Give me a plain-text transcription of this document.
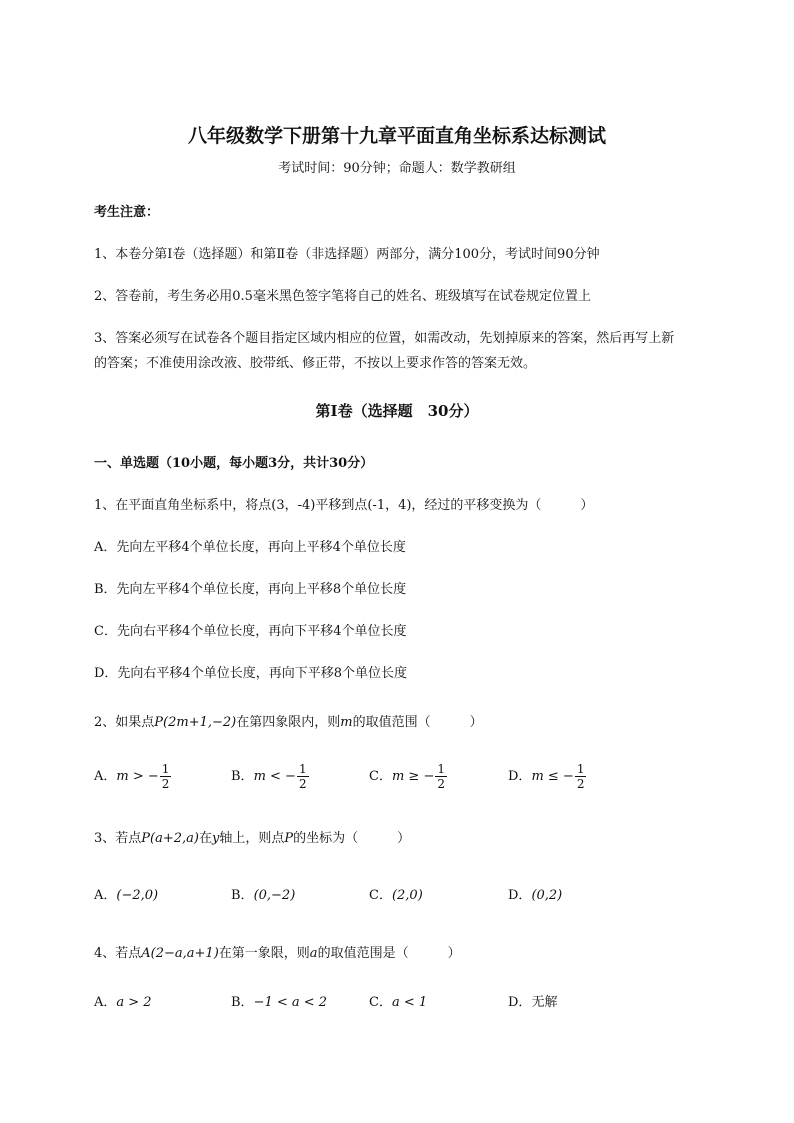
八年级数学下册第十九章平面直角坐标系达标测试
考试时间：90分钟；命题人：数学教研组
考生注意：
1、本卷分第Ⅰ卷（选择题）和第Ⅱ卷（非选择题）两部分，满分100分，考试时间90分钟
2、答卷前，考生务必用0.5毫米黑色签字笔将自己的姓名、班级填写在试卷规定位置上
3、答案必须写在试卷各个题目指定区域内相应的位置，如需改动，先划掉原来的答案，然后再写上新
的答案；不准使用涂改液、胶带纸、修正带，不按以上要求作答的答案无效。
第Ⅰ卷（选择题　30分）
一、单选题（10小题，每小题3分，共计30分）
1、在平面直角坐标系中，将点(3，-4)平移到点(-1，4)，经过的平移变换为（　　　）
A．先向左平移4个单位长度，再向上平移4个单位长度
B．先向左平移4个单位长度，再向上平移8个单位长度
C．先向右平移4个单位长度，再向下平移4个单位长度
D．先向右平移4个单位长度，再向下平移8个单位长度
2、如果点P(2m+1,−2)在第四象限内，则m的取值范围（　　　）
A．m > − $\frac{1}{2}$	B．m < − $\frac{1}{2}$	C．m ≥ − $\frac{1}{2}$	D．m ≤ − $\frac{1}{2}$
3、若点P(a+2,a)在y轴上，则点P的坐标为（　　　）
A．(−2,0)	B．(0,−2)	C．(2,0)	D．(0,2)
4、若点A(2−a,a+1)在第一象限，则a的取值范围是（　　　）
A．a > 2	B．−1 < a < 2	C．a < 1	D．无解
